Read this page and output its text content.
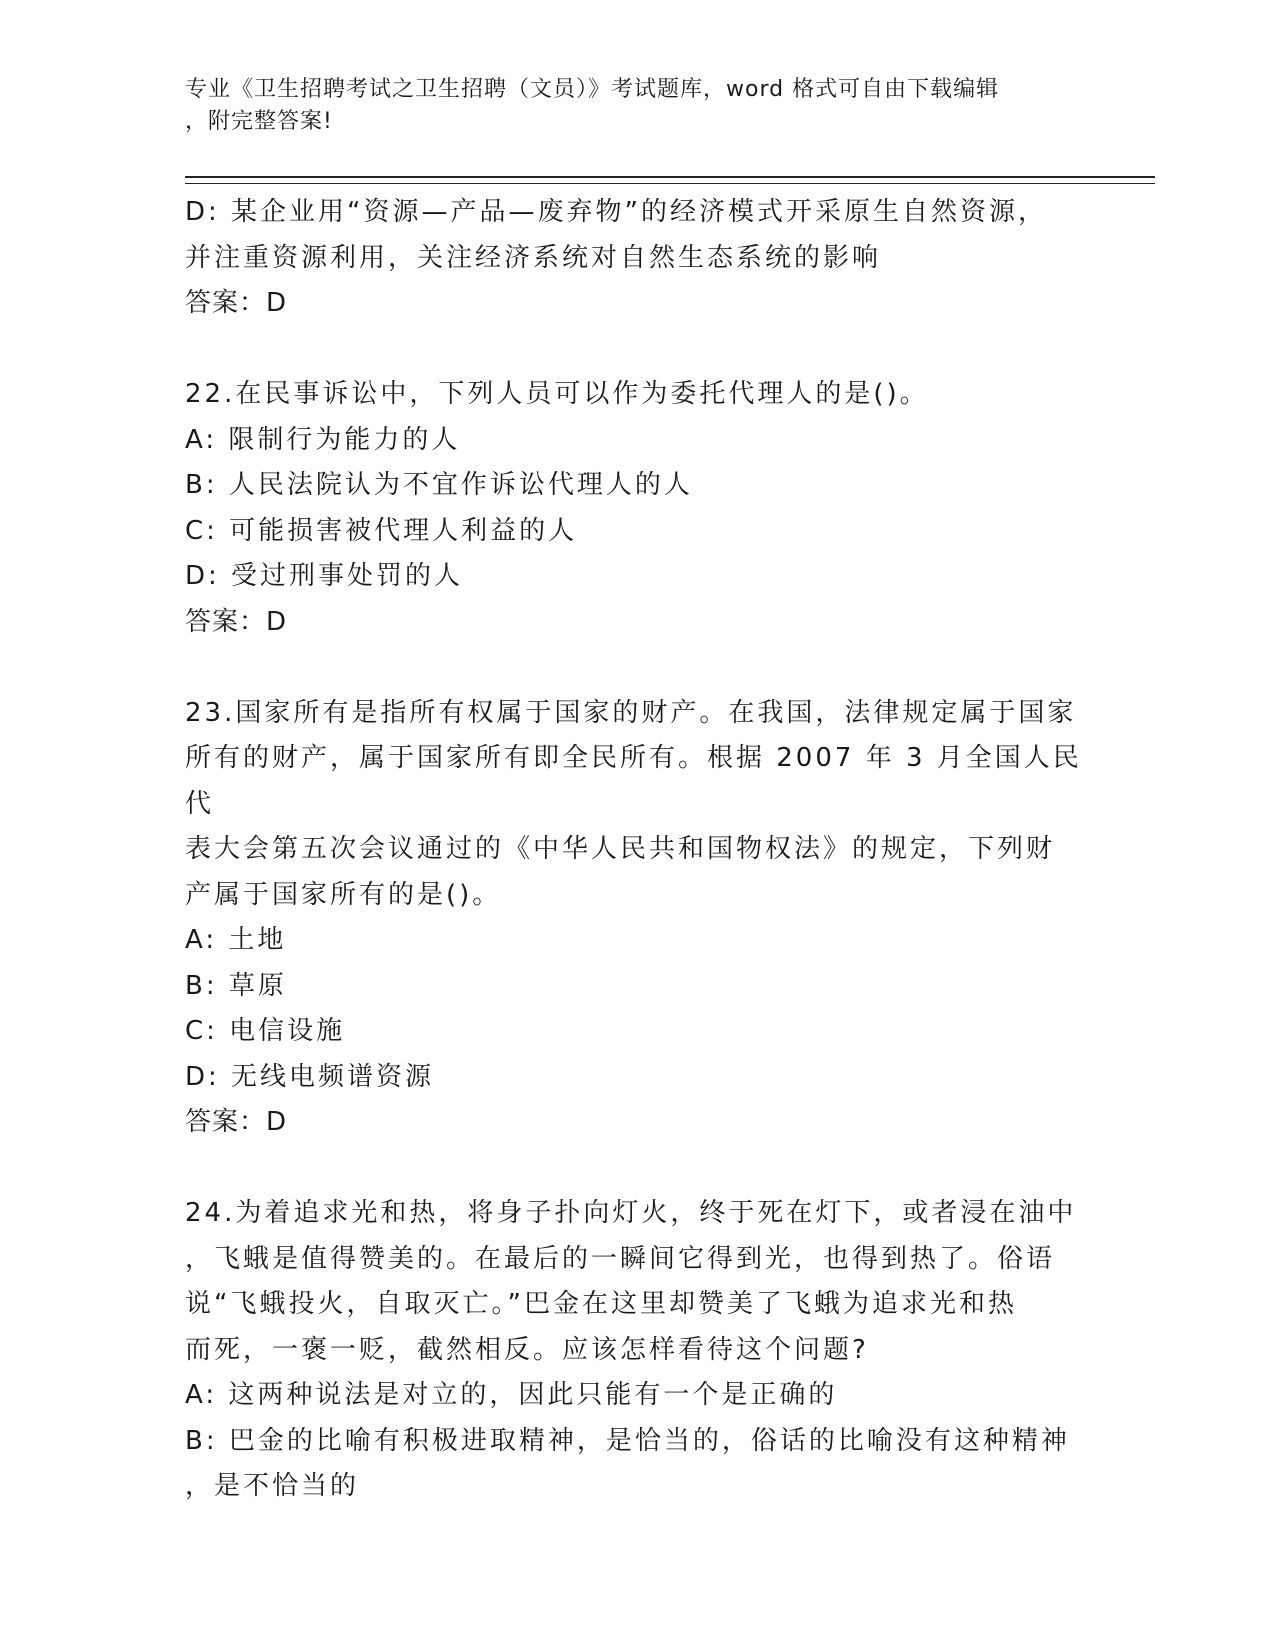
专业《卫生招聘考试之卫生招聘（文员）》考试题库，word 格式可自由下载编辑
，附完整答案!
D: 某企业用“资源—产品—废弃物”的经济模式开采原生自然资源，
并注重资源利用，关注经济系统对自然生态系统的影响
答案：D
22.在民事诉讼中，下列人员可以作为委托代理人的是()。
A: 限制行为能力的人
B: 人民法院认为不宜作诉讼代理人的人
C: 可能损害被代理人利益的人
D: 受过刑事处罚的人
答案：D
23.国家所有是指所有权属于国家的财产。在我国，法律规定属于国家
所有的财产，属于国家所有即全民所有。根据 2007 年 3 月全国人民代
表大会第五次会议通过的《中华人民共和国物权法》的规定，下列财
产属于国家所有的是()。
A: 土地
B: 草原
C: 电信设施
D: 无线电频谱资源
答案：D
24.为着追求光和热，将身子扑向灯火，终于死在灯下，或者浸在油中
，飞蛾是值得赞美的。在最后的一瞬间它得到光，也得到热了。俗语
说“飞蛾投火，自取灭亡。”巴金在这里却赞美了飞蛾为追求光和热
而死，一褒一贬，截然相反。应该怎样看待这个问题?
A: 这两种说法是对立的，因此只能有一个是正确的
B: 巴金的比喻有积极进取精神，是恰当的，俗话的比喻没有这种精神
，是不恰当的
